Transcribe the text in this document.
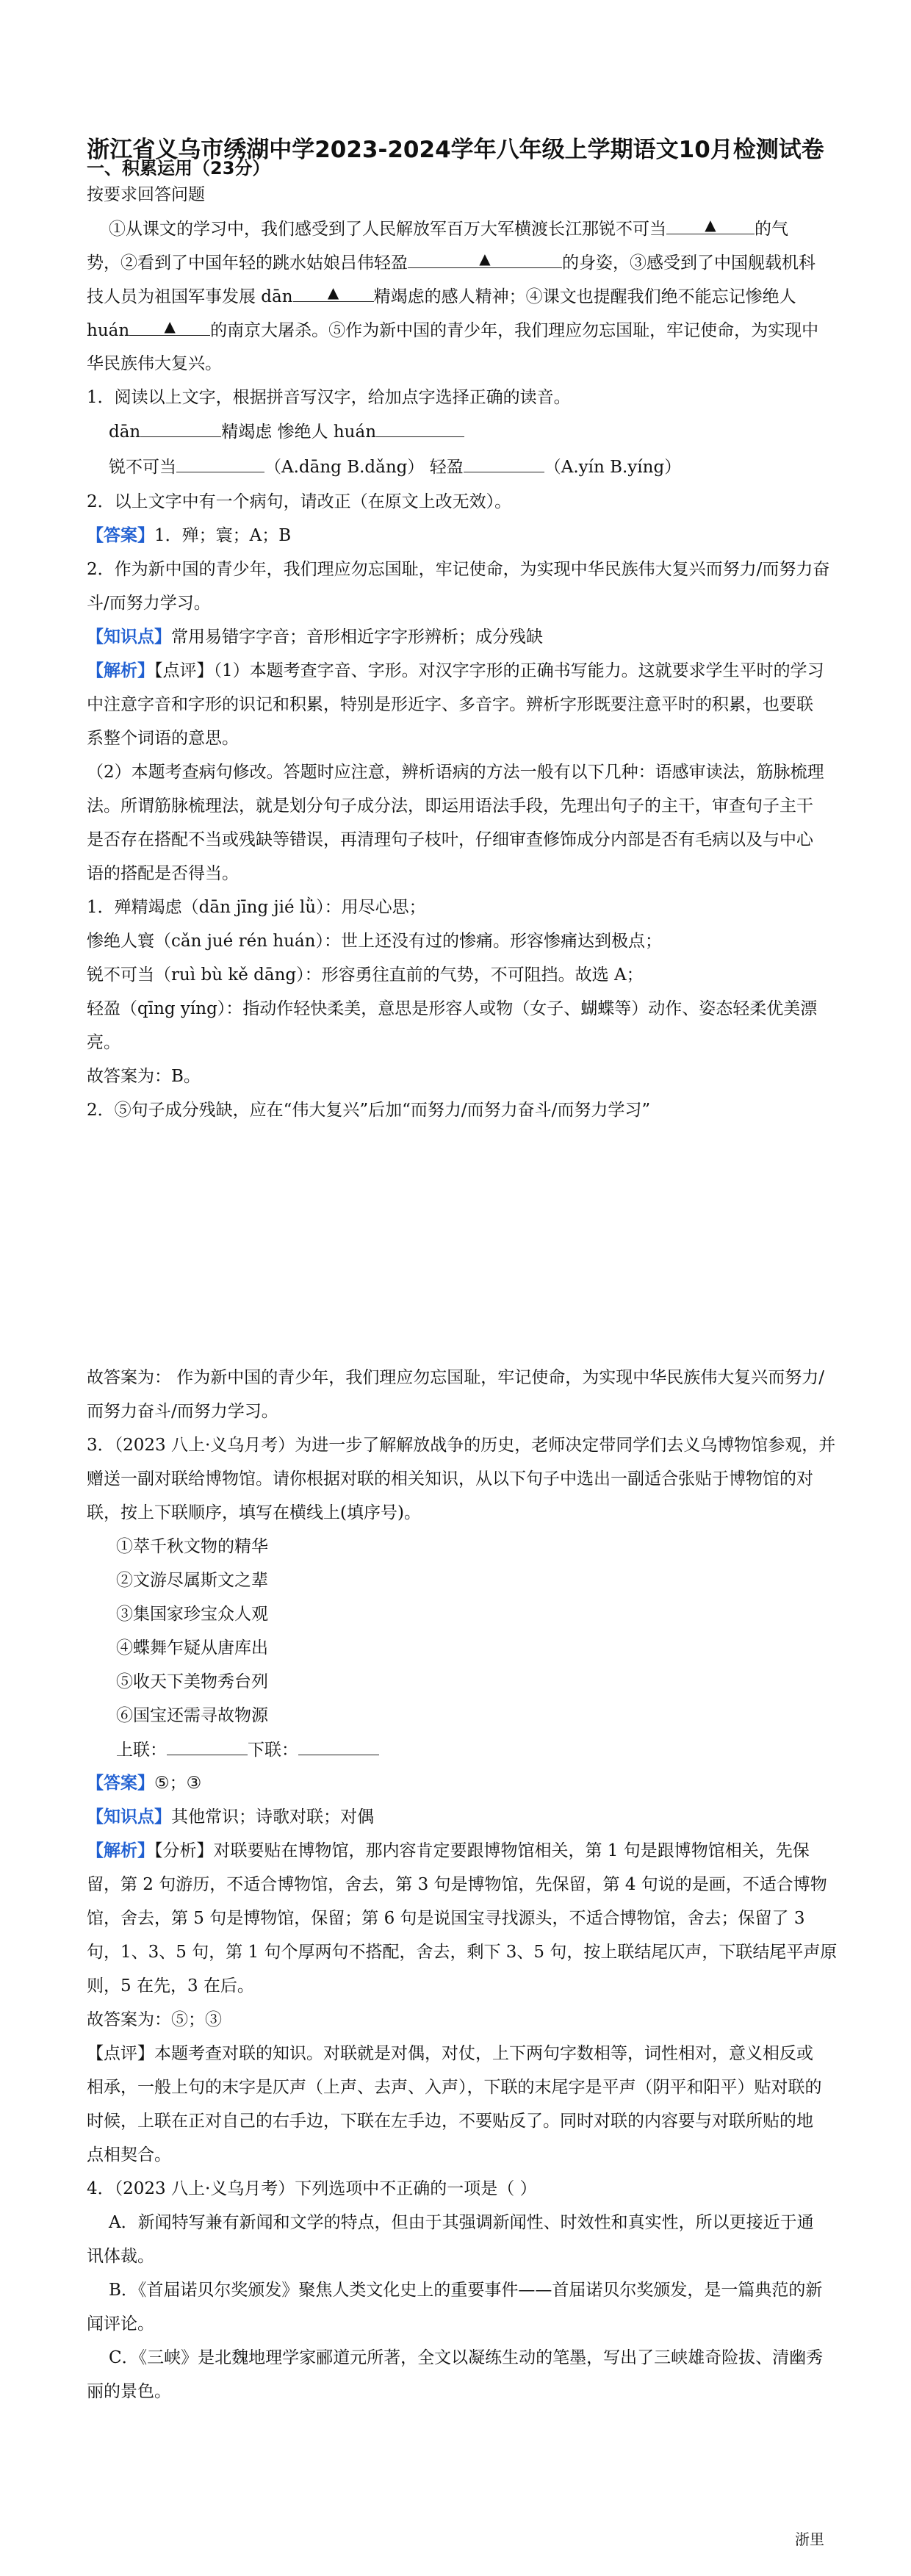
浙江省义乌市绣湖中学2023-2024学年八年级上学期语文10月检测试卷
一、积累运用（23分）
按要求回答问题
①从课文的学习中，我们感受到了人民解放军百万大军横渡长江那锐不可当	▲	的气
势，②看到了中国年轻的跳水姑娘吕伟轻盈	▲	的身姿，③感受到了中国舰载机科
技人员为祖国军事发展 dān	▲	精竭虑的感人精神；④课文也提醒我们绝不能忘记惨绝人
huán	▲	的南京大屠杀。⑤作为新中国的青少年，我们理应勿忘国耻，牢记使命，为实现中
华民族伟大复兴。
1．阅读以上文字，根据拼音写汉字，给加点字选择正确的读音。
dān	精竭虑 惨绝人 huán
锐不可当	（A.dāng B.dǎng） 轻盈	（A.yín B.yíng）
2．以上文字中有一个病句，请改正（在原文上改无效）。
【答案】1．殚；寰；A；B
2．作为新中国的青少年，我们理应勿忘国耻，牢记使命，为实现中华民族伟大复兴而努力/而努力奋
斗/而努力学习。
【知识点】常用易错字字音；音形相近字字形辨析；成分残缺
【解析】【点评】（1）本题考查字音、字形。对汉字字形的正确书写能力。这就要求学生平时的学习
中注意字音和字形的识记和积累，特别是形近字、多音字。辨析字形既要注意平时的积累，也要联
系整个词语的意思。
（2）本题考查病句修改。答题时应注意，辨析语病的方法一般有以下几种：语感审读法，筋脉梳理
法。所谓筋脉梳理法，就是划分句子成分法，即运用语法手段，先理出句子的主干，审查句子主干
是否存在搭配不当或残缺等错误，再清理句子枝叶，仔细审查修饰成分内部是否有毛病以及与中心
语的搭配是否得当。
1．殚精竭虑（dān jīng jié lǜ）：用尽心思；
惨绝人寰（cǎn jué rén huán）：世上还没有过的惨痛。形容惨痛达到极点；
锐不可当（ruì bù kě dāng）：形容勇往直前的气势，不可阻挡。故选 A；
轻盈（qīng yíng）：指动作轻快柔美，意思是形容人或物（女子、蝴蝶等）动作、姿态轻柔优美漂
亮。
故答案为：B。
2．⑤句子成分残缺，应在“伟大复兴”后加“而努力/而努力奋斗/而努力学习”
故答案为： 作为新中国的青少年，我们理应勿忘国耻，牢记使命，为实现中华民族伟大复兴而努力/
而努力奋斗/而努力学习。
3．（2023 八上·义乌月考）为进一步了解解放战争的历史，老师决定带同学们去义乌博物馆参观，并
赠送一副对联给博物馆。请你根据对联的相关知识，从以下句子中选出一副适合张贴于博物馆的对
联，按上下联顺序，填写在横线上(填序号)。
①萃千秋文物的精华
②文游尽属斯文之辈
③集国家珍宝众人观
④蝶舞乍疑从唐库出
⑤收天下美物秀台列
⑥国宝还需寻故物源
上联：	下联：
【答案】⑤；③
【知识点】其他常识；诗歌对联；对偶
【解析】【分析】对联要贴在博物馆，那内容肯定要跟博物馆相关，第 1 句是跟博物馆相关，先保
留，第 2 句游历，不适合博物馆，舍去，第 3 句是博物馆，先保留，第 4 句说的是画，不适合博物
馆，舍去，第 5 句是博物馆，保留；第 6 句是说国宝寻找源头，不适合博物馆，舍去；保留了 3
句，1、3、5 句，第 1 句个厚两句不搭配，舍去，剩下 3、5 句，按上联结尾仄声，下联结尾平声原
则，5 在先，3 在后。
故答案为：⑤；③
【点评】本题考查对联的知识。对联就是对偶，对仗，上下两句字数相等，词性相对，意义相反或
相承，一般上句的末字是仄声（上声、去声、入声），下联的末尾字是平声（阴平和阳平）贴对联的
时候，上联在正对自己的右手边，下联在左手边，不要贴反了。同时对联的内容要与对联所贴的地
点相契合。
4．（2023 八上·义乌月考）下列选项中不正确的一项是（ ）
A．新闻特写兼有新闻和文学的特点，但由于其强调新闻性、时效性和真实性，所以更接近于通
讯体裁。
B．《首届诺贝尔奖颁发》聚焦人类文化史上的重要事件——首届诺贝尔奖颁发，是一篇典范的新
闻评论。
C．《三峡》是北魏地理学家郦道元所著，全文以凝练生动的笔墨，写出了三峡雄奇险拔、清幽秀
丽的景色。
浙里
